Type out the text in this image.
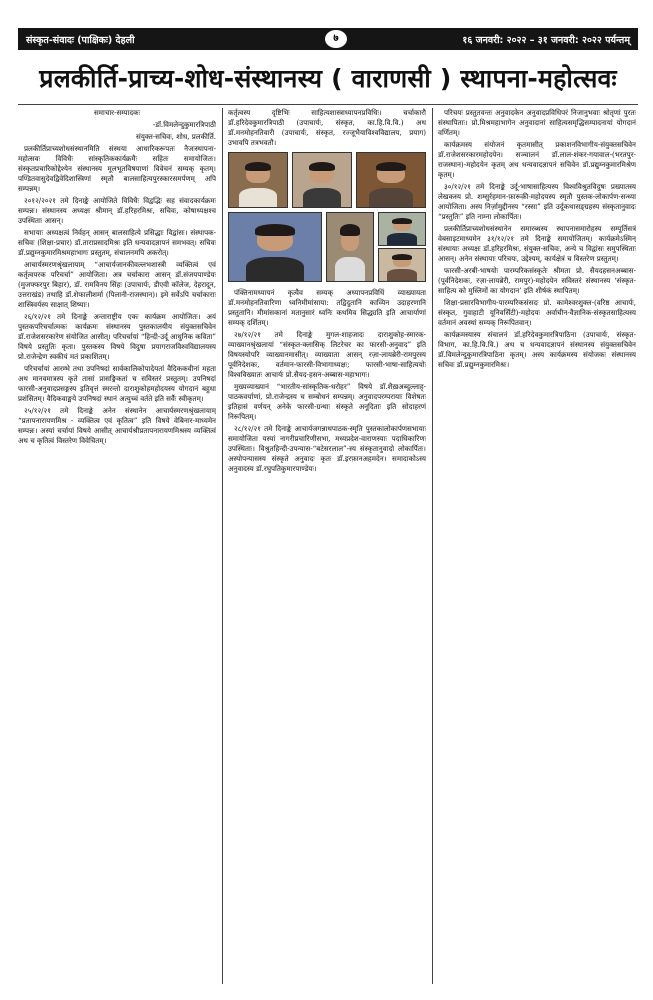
संस्कृत-संवादः (पाक्षिकः) देहली	७	१६ जनवरी: २०२२ – ३१ जनवरी: २०२२ पर्यन्तम्
प्रलकीर्ति-प्राच्य-शोध-संस्थानस्य ( वाराणसी ) स्थापना-महोत्सवः

समाचार-सम्पादकः

-डॉ.विमलेन्दुकुमारत्रिपाठी

संयुक्त-सचिवः, शोध, प्रलकीर्ति.

प्रलकीर्तिप्राच्यशोधसंस्थानमिति संस्थया आधारिकरूपतः नैजःस्थापना-महोत्सवः विविधैः सांस्कृतिककार्यक्रमैः सहितः समायोजितः। संस्कृतप्रचारिकोद्देश्येन संस्थानस्य मूलभूतविषयाणां विवेचनं सम्यक् कृतम्। पण्डितवासुदेवद्विवेदिशास्त्रिणां स्मृतौ बालसाहित्यपुरस्कारसमर्पणम् अपि सम्पन्नम्।

२०१२/२०२१ तमे दिनाङ्के आयोजिते विविधैः विद्वद्भिः सह संवादकार्यक्रमः सम्पन्नः। संस्थानस्य अध्यक्षः श्रीमान् डॉ.हरिहरमिश्रः, सचिवः, कोषाध्यक्षश्च उपस्थिताः आसन्।

सभायाः अध्यक्षत्वं निर्वहन् आसन् बालसाहित्ये प्रसिद्धाः विद्वांसः। संस्थापक-सचिवः (शिक्षा-प्रचार) डॉ.ताराप्रसादमिश्रः इति धन्यवादज्ञापनं समभवत्। सचिवः डॉ.प्रद्युम्नकुमारमिश्रमहाभागः प्रस्तुतम्, संचालनमपि अकरोत्।

आचार्यस्मरणश्रृंखलायाम् “आचार्यजानकीवल्लभशास्त्री व्यक्तित्वं एवं कर्तृत्वपरक परिचर्चा” आयोजिता। अत्र चर्चाकारा आसन् डॉ.संजयपाण्डेयः (मुजफ्फरपुर बिहार), डॉ. रामविनय सिंहः (उपाचार्यः, डीएवी कॉलेज, देहरादून, उत्तराखंड) तथाहि डॉ.शेफालीशर्मा (पिलानी-राजस्थान)। इमे सर्वेऽपि चर्चाकाराः शास्त्रिवर्यस्य साक्षात् शिष्याः।

२६/१२/२१ तमे दिनाङ्के अन्ताराष्ट्रीय एकः कार्यक्रम आयोजितः। अयं पुस्तकपरिचर्चात्मकः कार्यक्रमः संस्थानस्य पुस्तकालयीय संयुक्तसचिवेन डॉ.राजेशसरकारेण संयोजित आसीत्। परिचर्चायां “हिन्दी-उर्दू आधुनिक कविता” विषये प्रस्तुतिः कृता। पुस्तकस्य विषये विदुषा प्रयागराजविश्वविद्यालयस्य प्रो.राजेन्द्रेण स्वकीयं मतं प्रकाशितम्।

परिचर्चायां आरम्भे तथा उपनिषदां सार्वकालिकोपादेयतां वैदिककवीनां महता अथ मानवमात्रस्य कृते तासां प्रासङ्गिकतां च सविस्तरं प्रस्तुतम्। उपनिषदां फारसी-अनुवादप्रसङ्गस्य इतिवृत्तं स्मरन्तो दाराशुकोहमहोदयस्य योगदानं बहुधा प्रशंसितम्। वैदिकवाङ्मये उपनिषदां स्थानं अत्युच्चं वर्तते इति सर्वैः स्वीकृतम्।

२५/१२/२१ तमे दिनाङ्के अनेन संस्थानेन आचार्यस्मरणश्रृंखलायाम् “प्रतापनारायणमिश्र - व्यक्तित्व एवं कृतित्व” इति विषये वेबिनार-माध्यमेन सम्पन्नः। अस्यां चर्चायां विषये आसीत् आचार्यश्रीप्रतापनारायणमिश्रस्य व्यक्तित्वं अथ च कृतित्वं विस्तरेण विवेचितम्।

कर्तृत्वस्य दृष्टिभिः साहित्यशास्त्राध्यापनप्रविधिः। चर्चाकारौ डॉ.हरिदेवकुमारत्रिपाठी (उपाचार्यः, संस्कृत, का.हि.वि.वि.) अथ डॉ.मनमोहनतिवारी (उपाचार्यः, संस्कृत, रज्जूभैयाविश्वविद्यालय, प्रयाग) उभावपि तत्रभवतौ।

पंक्तिनामध्यायनं कृत्वैव सम्यक् अध्यापनप्रविधिं व्याख्यायता डॉ.मनमोहनतिवारिणा ध्वनिमीमांसाया: तद्विदुतानि काव्यिन उदाहरणानि प्रस्तुतानि। मीमांसकानां मतानुसारं ध्वनिः कथमिव सिद्ध्यति इति आचार्याणां सम्यक् दर्शितम्।

२७/१२/२१ तमे दिनाङ्के मुगल-शाहजादः दाराशुकोह-स्मारक-व्याख्यानश्रृंखलायां “संस्कृत-क्लासिक् लिटरेचर का फारसी-अनुवाद” इति विषयस्योपरि व्याख्यानमासीत्। व्याख्याता आसन् रज़ा-लायब्रेरी-रामपुरस्य पूर्वनिदेशकः, वर्तमान-फारसी-विभागाध्यक्षः; फारसी-भाषा-साहित्ययोः विश्वविख्यातः आचार्यः प्रो.सैयद-हसन-अब्बास-महाभागः।

मुख्यव्याख्यानं “भारतीय-सांस्कृतिक-धरोहर” विषये डॉ.शैख़अब्दुल्लाह्-पाठकवर्याणां, प्रो.राजेन्द्रस्य च सम्बोधनं सम्पन्नम्। अनुवादपरम्परायाः विशेषतः इतिहासं वर्णयन् अनेके फारसी-ग्रन्थाः संस्कृते अनूदिताः इति सोदाहरणं निरूपितम्।

२८/१२/२१ तमे दिनाङ्के आचार्यजगन्नाथपाठक-स्मृति पुस्तकालोकार्पणसभायाः समायोजिता यस्यां नागरीप्रचारिणीसभा, मध्यप्रदेश-वाराणस्याः पदाधिकारिणः उपस्थिताः। विश्रुतहिन्दी-उपन्यास-“बटेसरलाल”-स्य संस्कृतानुवादो लोकार्पितः। अस्योपन्यासस्य संस्कृते अनुवादः कृतः डॉ.इरफ़ानअहमदेन। समादाकोऽस्य अनुवादस्य डॉ.रघुपतिकुमारपाण्डेयः।

परिचयः प्रस्तुतवन्तः अनुवादकेन अनुवादप्रविधिपरं निजानुभवाः श्रोतृणां पुरतः संस्थापिताः। प्रो.मिश्रमहाभागेन अनुवादानां साहित्यसमृद्धिसम्पादनायां योगदानं वर्णितम्।

कार्यक्रमस्य संयोजनं कृतमासीत् प्रकाशनविभागीय-संयुक्तसचिवेन डॉ.राजेशसरकारमहोदयेन। सञ्चालनं डॉ.लाल-शंकर-गयावाल-(भरतपुर-राजस्थान)-महोदयेन कृतम् अथ धन्यवादज्ञापनं सचिवेन डॉ.प्रद्युम्नकुमारमिश्रेण कृतम्।

३०/१२/२१ तमे दिनाङ्के उर्दू-भाषासाहित्यस्य विश्वविश्रुतविदुषः प्रख्यातस्य लेखकस्य प्रो. शम्सुर्रहमान-फ़ारूक़ी-महोदयस्य स्मृतौ पुस्तक-लोकार्पण-सन्ध्या आयोजिता। अस्य निर्ज़ामुद्दीनस्य “रस्सा” इति उर्दूकथासङ्ग्रहस्य संस्कृतानुवादः “प्रस्तुतिः” इति नाम्ना लोकार्पितः।

प्रलकीर्तिप्राच्यशोधसंस्थानेन समारब्धस्य स्थापनासमारोहस्य सम्पूर्तिसत्रं वेबसाइटमाध्यमेन ३१/१२/२१ तमे दिनाङ्के समायोजितम्। कार्यक्रमेऽस्मिन् संस्थायाः अध्यक्षः डॉ.हरिहरमिश्रः, संयुक्त-सचिवः, अन्ये च विद्वांसः समुपस्थिताः आसन्। अनेन संस्थायाः परिचयः, उद्देश्यम्, कार्यक्षेत्रं च विस्तरेण प्रस्तुतम्।

फारसी-अरबी-भाषयोः पारम्परिकसंस्कृतेः श्रीमता प्रो. सैयदहसनअब्बास-(पूर्वनिदेशकः, रज़ा-लायब्रेरी, रामपुर)-महोदयेन सविस्तरं संस्थानस्य ‘संस्कृत-साहित्य को मुस्लिमों का योगदान’ इति शीर्षकं स्थापितम्।

शिक्षा-प्रसारविभागीय-पारम्परिकसंसदः प्रो. कामेश्वरशुक्ल-(वरिष्ठ आचार्यः, संस्कृत, गुवाहाटी यूनिवर्सिटी)-महोदयः अर्वाचीन-वैज्ञानिक-संस्कृतसाहित्यस्य वर्तमानं अवस्थां सम्यक् निरूपितवान्।

कार्यक्रमस्यास्य संचालनं डॉ.हरिदेवकुमारत्रिपाठिना (उपाचार्यः, संस्कृत-विभाग, का.हि.वि.वि.) अथ च धन्यवादज्ञापनं संस्थानस्य संयुक्तसचिवेन डॉ.विमलेन्दुकुमारत्रिपाठिना कृतम्। अस्य कार्यक्रमस्य संयोजकः संस्थानस्य सचिवः डॉ.प्रद्युम्नकुमारमिश्रः।
